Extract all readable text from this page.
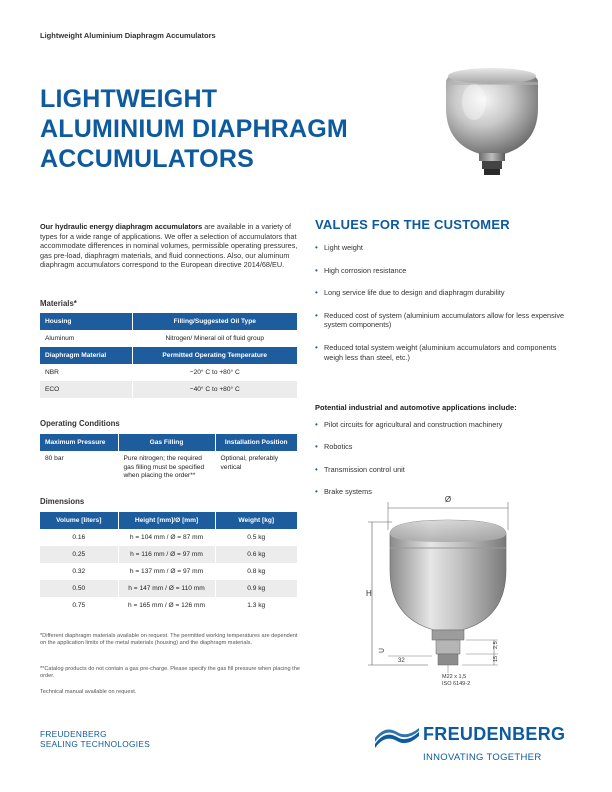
Lightweight Aluminium Diaphragm Accumulators
LIGHTWEIGHT
ALUMINIUM DIAPHRAGM
ACCUMULATORS

Our hydraulic energy diaphragm accumulators are available in a variety of types for a wide range of applications. We offer a selection of accumulators that accommodate differences in nominal volumes, permissible operating pressures, gas pre-load, diaphragm materials, and fluid connections. Also, our aluminum diaphragm accumulators correspond to the European directive 2014/68/EU.

Materials*
Housing	Filling/Suggested Oil Type
Aluminum	Nitrogen/ Mineral oil of fluid group
Diaphragm Material	Permitted Operating Temperature
NBR	−20° C to +80° C
ECO	−40° C to +80° C
Operating Conditions
Maximum Pressure	Gas Filling	Installation Position
80 bar	Pure nitrogen; the required gas filling must be specified when placing the order**	Optional, preferably vertical
Dimensions
Volume [liters]	Height [mm]/Ø [mm]	Weight [kg]
0.16	h = 104 mm / Ø = 87 mm	0.5 kg
0.25	h = 116 mm / Ø = 97 mm	0.6 kg
0.32	h = 137 mm / Ø = 97 mm	0.8 kg
0.50	h = 147 mm / Ø = 110 mm	0.9 kg
0.75	h = 165 mm / Ø = 126 mm	1.3 kg

*Different diaphragm materials available on request. The permitted working temperatures are dependent on the application limits of the metal materials (housing) and the diaphragm materials.

**Catalog products do not contain a gas pre-charge. Please specify the gas fill pressure when placing the order.

Technical manual available on request.

VALUES FOR THE CUSTOMER
• Light weight
• High corrosion resistance
• Long service life due to design and diaphragm durability
• Reduced cost of system (aluminium accumulators allow for less expensive system components)
• Reduced total system weight (aluminium accumulators and components weigh less than steel, etc.)
Potential industrial and automotive applications include:
• Pilot circuits for agricultural and construction machinery
• Robotics
• Transmission control unit
• Brake systems
Ø
H
2,5
15
32
⊃
M22 x 1,5
ISO 6149-2
FREUDENBERG
SEALING TECHNOLOGIES	FREUDENBERG
INNOVATING TOGETHER
